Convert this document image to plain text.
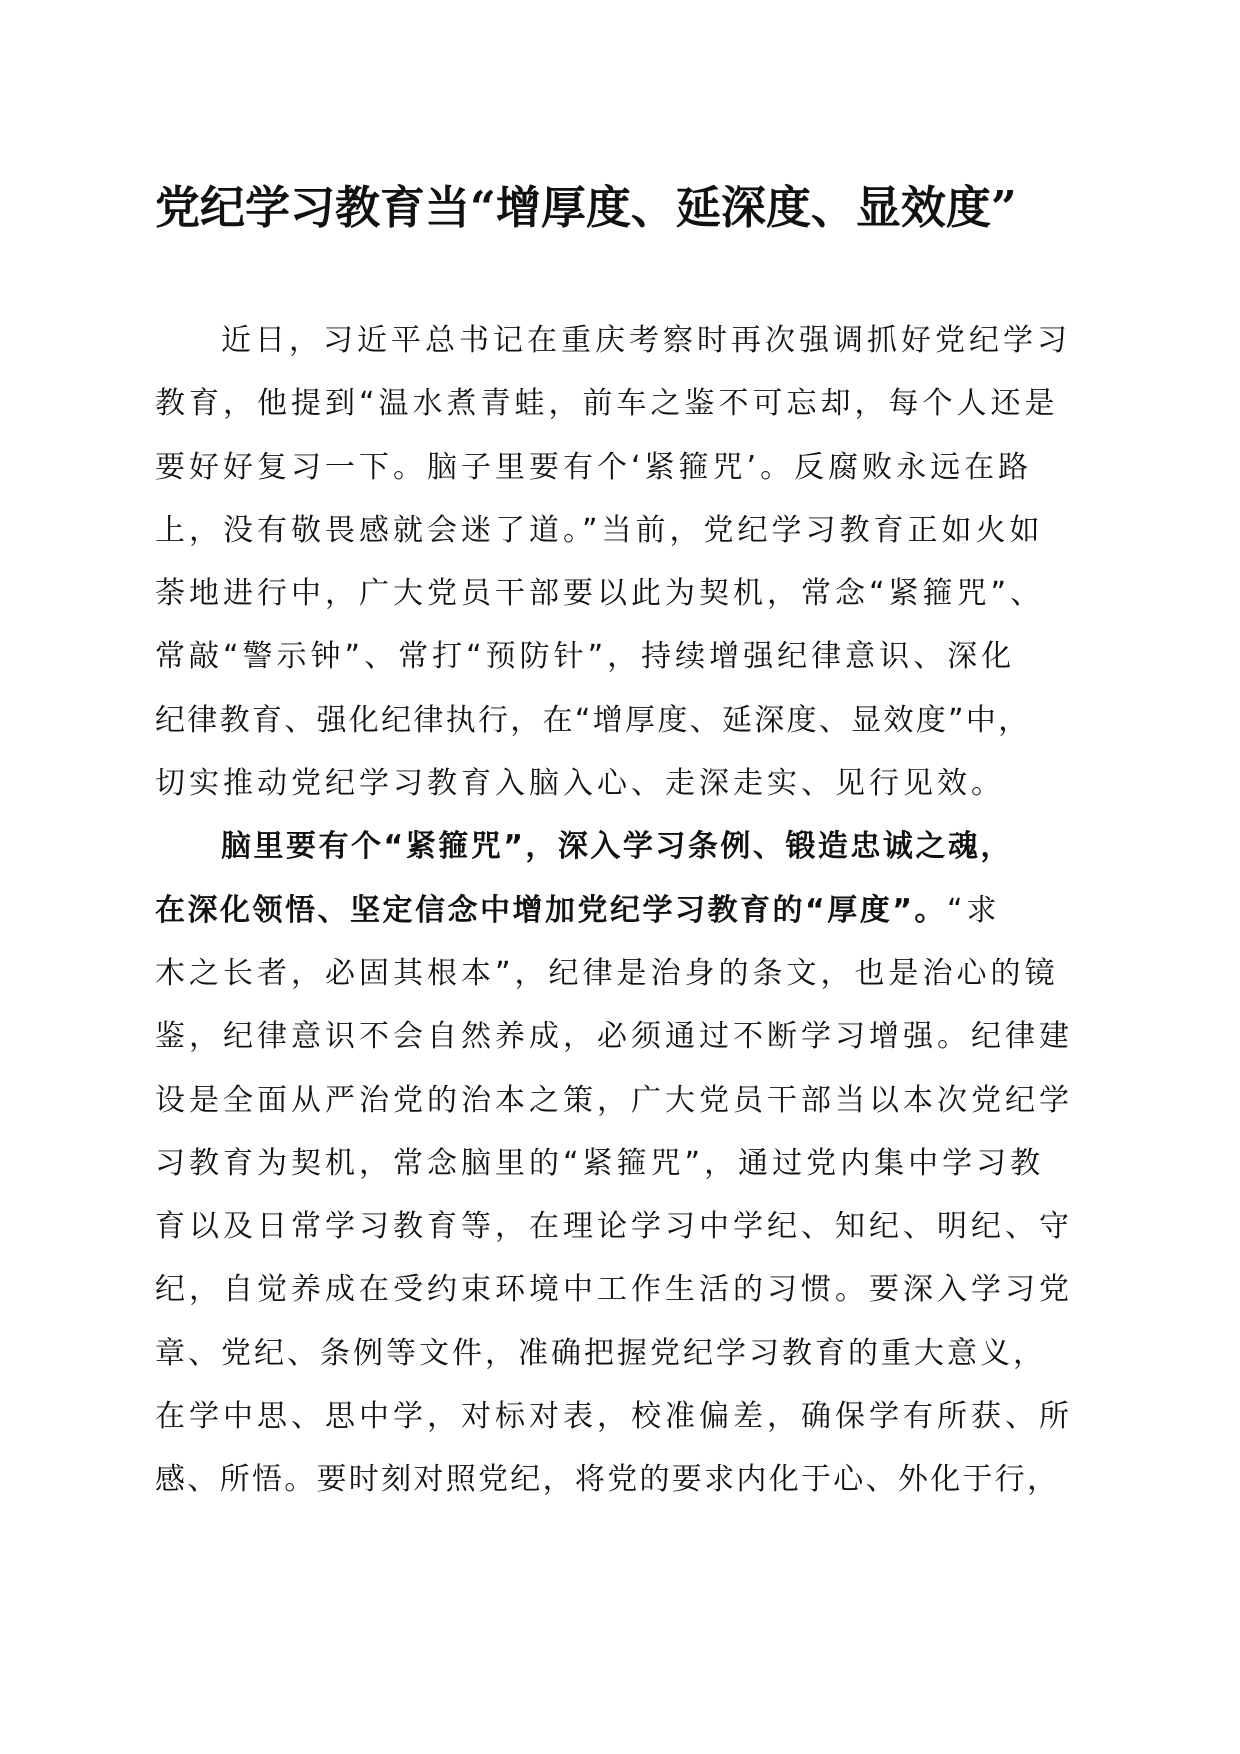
党纪学习教育当“增厚度、延深度、显效度”

近日，习近平总书记在重庆考察时再次强调抓好党纪学习

教育，他提到“温水煮青蛙，前车之鉴不可忘却，每个人还是

要好好复习一下。脑子里要有个‘紧箍咒’。反腐败永远在路

上，没有敬畏感就会迷了道。”当前，党纪学习教育正如火如

荼地进行中，广大党员干部要以此为契机，常念“紧箍咒”、

常敲“警示钟”、常打“预防针”，持续增强纪律意识、深化

纪律教育、强化纪律执行，在“增厚度、延深度、显效度”中，

切实推动党纪学习教育入脑入心、走深走实、见行见效。

脑里要有个“紧箍咒”，深入学习条例、锻造忠诚之魂，

在深化领悟、坚定信念中增加党纪学习教育的“厚度”。“求

木之长者，必固其根本”，纪律是治身的条文，也是治心的镜

鉴，纪律意识不会自然养成，必须通过不断学习增强。纪律建

设是全面从严治党的治本之策，广大党员干部当以本次党纪学

习教育为契机，常念脑里的“紧箍咒”，通过党内集中学习教

育以及日常学习教育等，在理论学习中学纪、知纪、明纪、守

纪，自觉养成在受约束环境中工作生活的习惯。要深入学习党

章、党纪、条例等文件，准确把握党纪学习教育的重大意义，

在学中思、思中学，对标对表，校准偏差，确保学有所获、所

感、所悟。要时刻对照党纪，将党的要求内化于心、外化于行，
